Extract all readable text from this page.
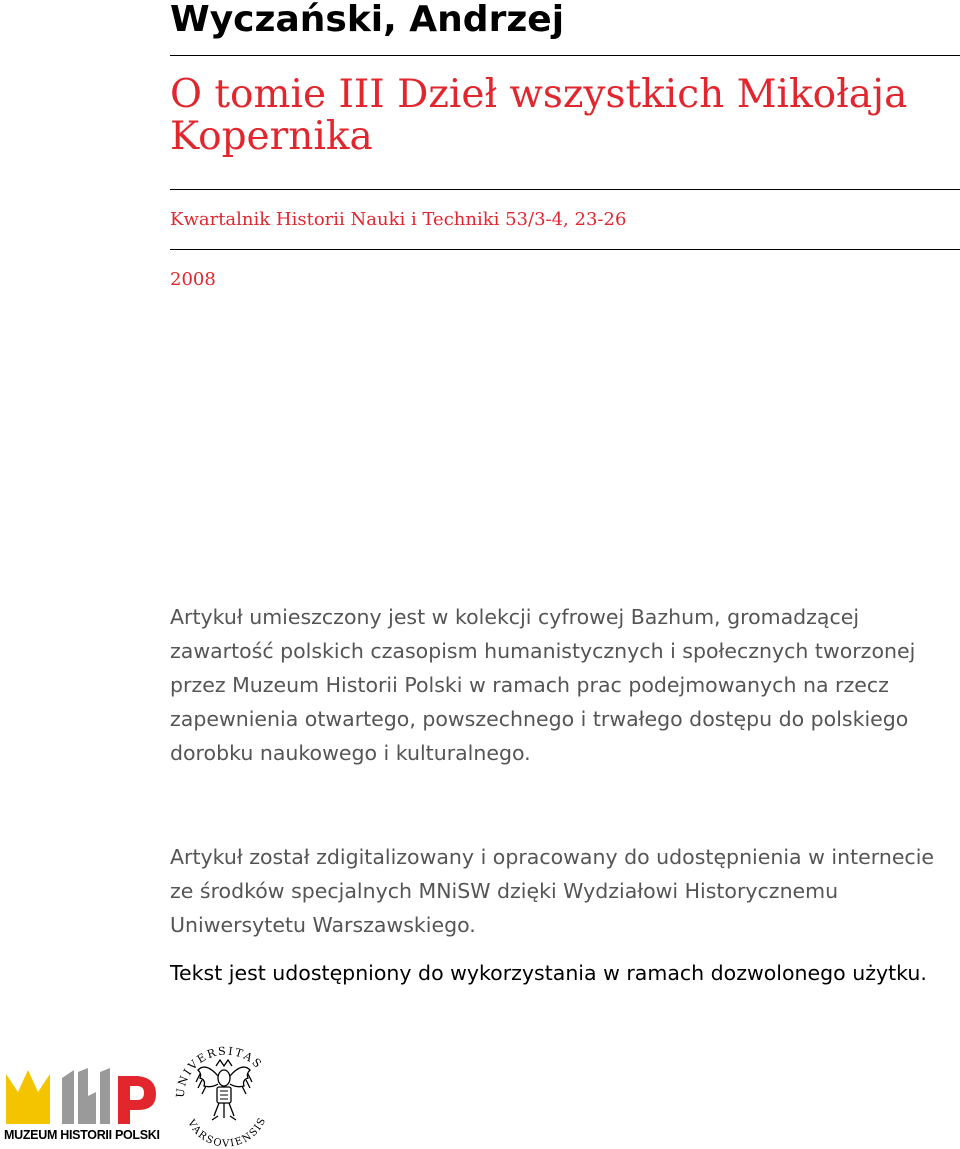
Wyczański, Andrzej
O tomie III Dzieł wszystkich Mikołaja Kopernika

Kwartalnik Historii Nauki i Techniki 53/3-4, 23-26

2008

Artykuł umieszczony jest w kolekcji cyfrowej Bazhum, gromadzącej zawartość polskich czasopism humanistycznych i społecznych tworzonej przez Muzeum Historii Polski w ramach prac podejmowanych na rzecz zapewnienia otwartego, powszechnego i trwałego dostępu do polskiego dorobku naukowego i kulturalnego.

Artykuł został zdigitalizowany i opracowany do udostępnienia w internecie ze środków specjalnych MNiSW dzięki Wydziałowi Historycznemu Uniwersytetu Warszawskiego.

Tekst jest udostępniony do wykorzystania w ramach dozwolonego użytku.

MUZEUM HISTORII POLSKI
UNIVERSITAS
VARSOVIENSIS
